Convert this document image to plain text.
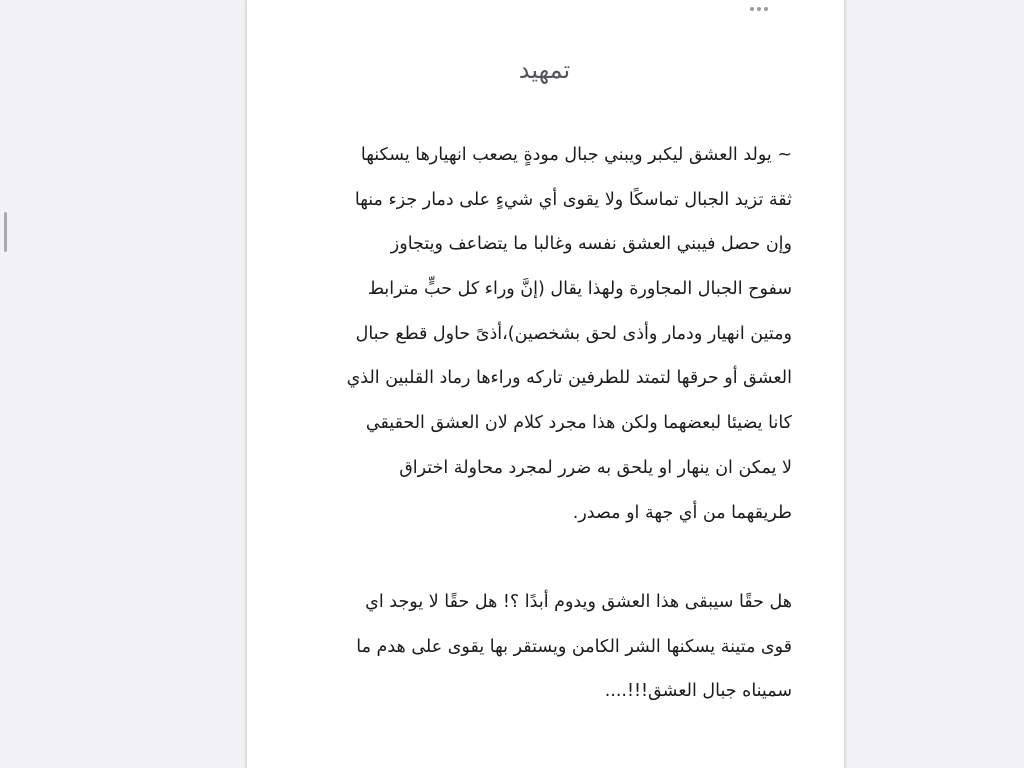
تمهيد
~ يولد العشق ليكبر ويبني جبال مودةٍ يصعب انهيارها يسكنها
ثقة تزيد الجبال تماسكًا ولا يقوى أي شيءٍ على دمار جزء منها
وإن حصل فيبني العشق نفسه وغالبا ما يتضاعف ويتجاوز
سفوح الجبال المجاورة ولهذا يقال (إنَّ وراء كل حبٍّ مترابط
ومتين انهيار ودمار وأذى لحق بشخصين)،أذىً حاول قطع حبال
العشق أو حرقها لتمتد للطرفين تاركه وراءها رماد القلبين الذي
كانا يضيئا لبعضهما ولكن هذا مجرد كلام لان العشق الحقيقي
لا يمكن ان ينهار او يلحق به ضرر لمجرد محاولة اختراق
طريقهما من أي جهة او مصدر.
هل حقًا سيبقى هذا العشق ويدوم أبدًا ؟! هل حقًا لا يوجد اي
قوى متينة يسكنها الشر الكامن ويستقر بها يقوى على هدم ما
سميناه جبال العشق!!!....
